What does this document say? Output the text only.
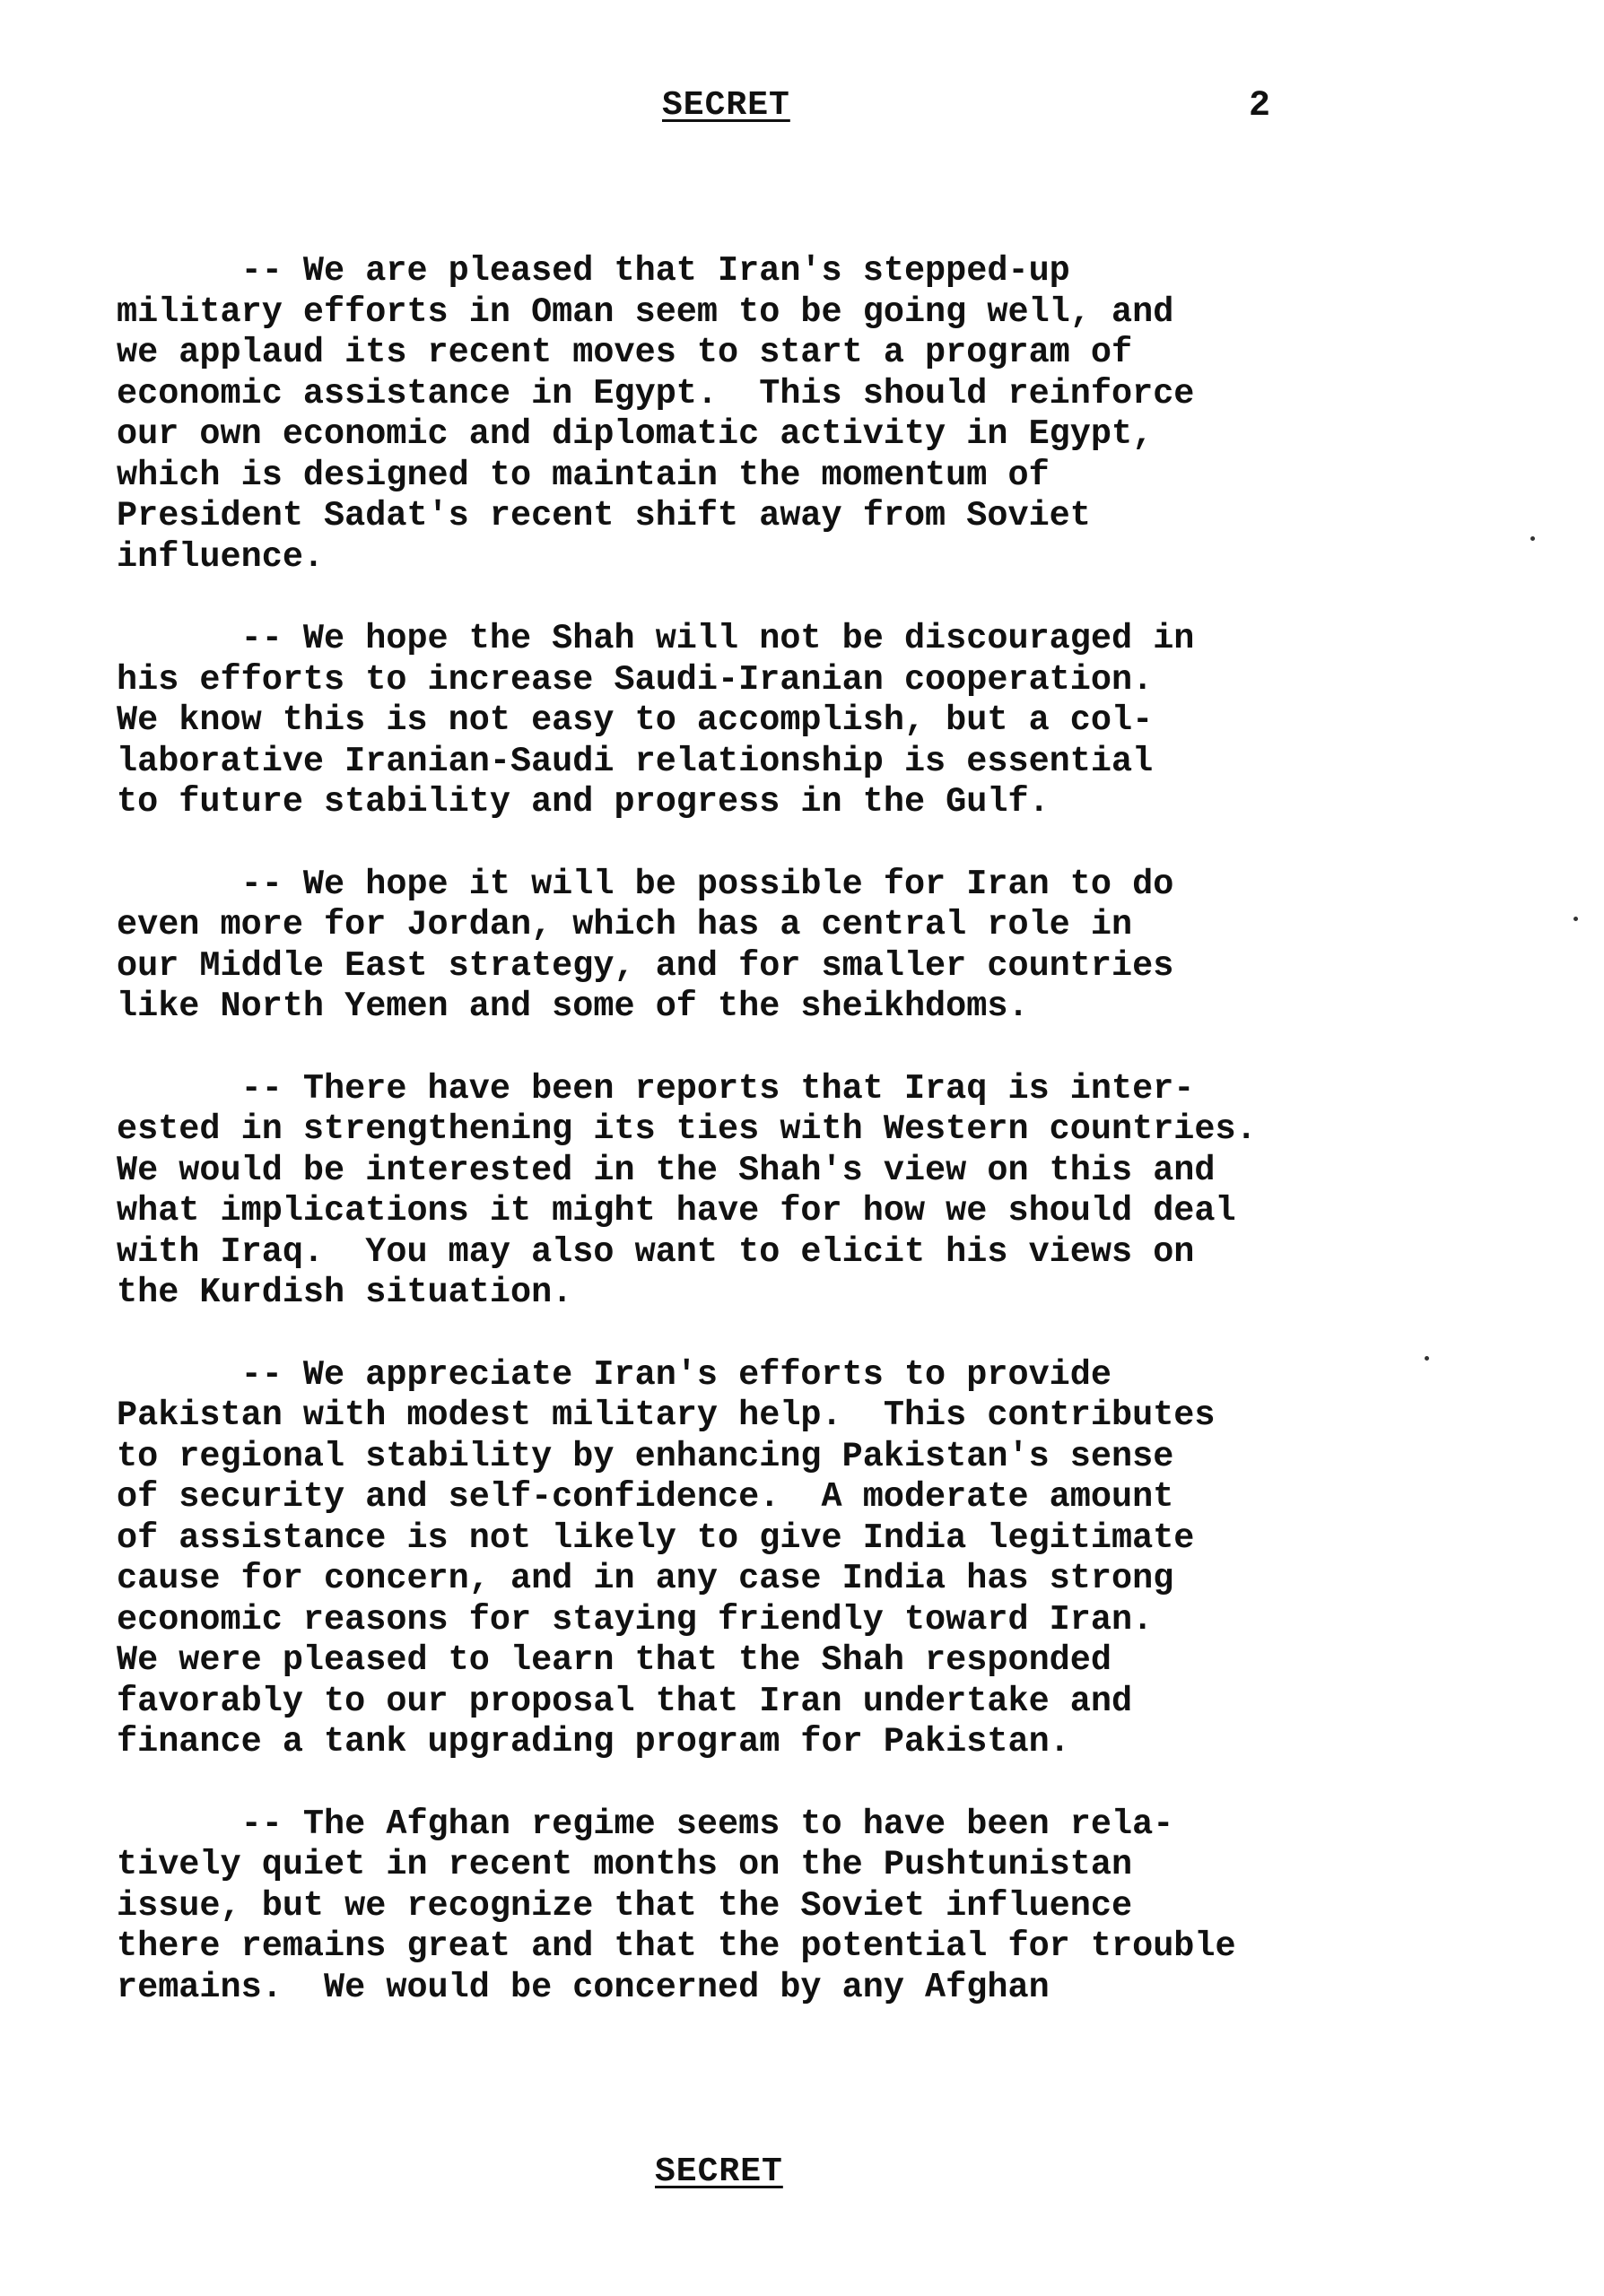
SECRET	2
-- We are pleased that Iran's stepped-up
military efforts in Oman seem to be going well, and
we applaud its recent moves to start a program of
economic assistance in Egypt.  This should reinforce
our own economic and diplomatic activity in Egypt,
which is designed to maintain the momentum of
President Sadat's recent shift away from Soviet
influence.
-- We hope the Shah will not be discouraged in
his efforts to increase Saudi-Iranian cooperation.
We know this is not easy to accomplish, but a col-
laborative Iranian-Saudi relationship is essential
to future stability and progress in the Gulf.
-- We hope it will be possible for Iran to do
even more for Jordan, which has a central role in
our Middle East strategy, and for smaller countries
like North Yemen and some of the sheikhdoms.
-- There have been reports that Iraq is inter-
ested in strengthening its ties with Western countries.
We would be interested in the Shah's view on this and
what implications it might have for how we should deal
with Iraq.  You may also want to elicit his views on
the Kurdish situation.
-- We appreciate Iran's efforts to provide
Pakistan with modest military help.  This contributes
to regional stability by enhancing Pakistan's sense
of security and self-confidence.  A moderate amount
of assistance is not likely to give India legitimate
cause for concern, and in any case India has strong
economic reasons for staying friendly toward Iran.
We were pleased to learn that the Shah responded
favorably to our proposal that Iran undertake and
finance a tank upgrading program for Pakistan.
-- The Afghan regime seems to have been rela-
tively quiet in recent months on the Pushtunistan
issue, but we recognize that the Soviet influence
there remains great and that the potential for trouble
remains.  We would be concerned by any Afghan
SECRET
